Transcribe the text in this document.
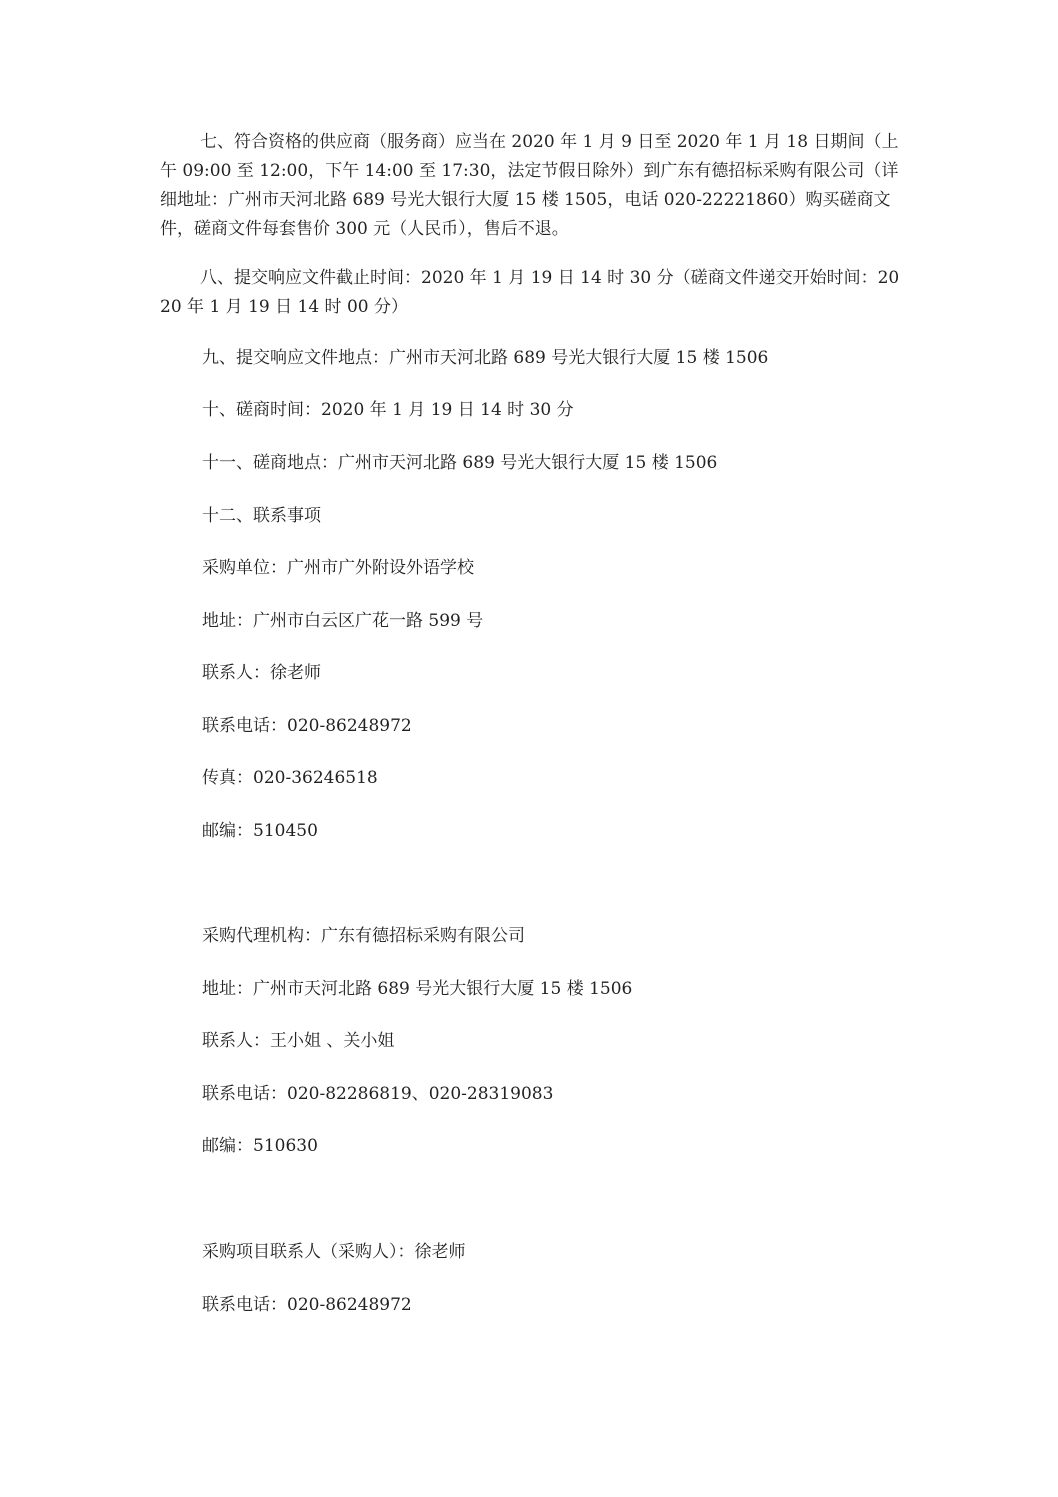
七、符合资格的供应商（服务商）应当在 2020 年 1 月 9 日至 2020 年 1 月 18 日期间（上午 09:00 至 12:00，下午 14:00 至 17:30，法定节假日除外）到广东有德招标采购有限公司（详细地址：广州市天河北路 689 号光大银行大厦 15 楼 1505，电话 020-22221860）购买磋商文件，磋商文件每套售价 300 元（人民币），售后不退。

八、提交响应文件截止时间：2020 年 1 月 19 日 14 时 30 分（磋商文件递交开始时间：2020 年 1 月 19 日 14 时 00 分）

九、提交响应文件地点：广州市天河北路 689 号光大银行大厦 15 楼 1506

十、磋商时间：2020 年 1 月 19 日 14 时 30 分

十一、磋商地点：广州市天河北路 689 号光大银行大厦 15 楼 1506

十二、联系事项

采购单位：广州市广外附设外语学校

地址：广州市白云区广花一路 599 号

联系人：徐老师

联系电话：020-86248972

传真：020-36246518

邮编：510450

采购代理机构：广东有德招标采购有限公司

地址：广州市天河北路 689 号光大银行大厦 15 楼 1506

联系人：王小姐 、关小姐

联系电话：020-82286819、020-28319083

邮编：510630

采购项目联系人（采购人）：徐老师

联系电话：020-86248972
